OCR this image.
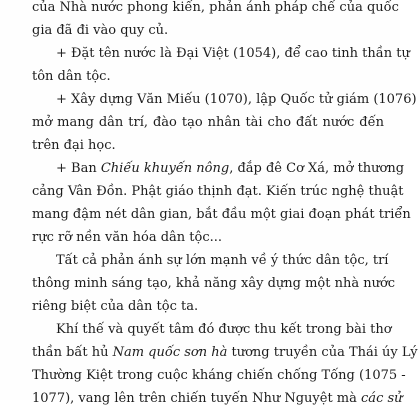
của Nhà nước phong kiến, phản ánh pháp chế của quốc
gia đã đi vào quy củ.
+ Đặt tên nước là Đại Việt (1054), để cao tinh thần tự
tôn dân tộc.
+ Xây dựng Văn Miếu (1070), lập Quốc tử giám (1076)
mở mang dân trí, đào tạo nhân tài cho đất nước đến
trên đại học.
+ Ban Chiếu khuyến nông, đắp đê Cơ Xá, mở thương
cảng Vân Đồn. Phật giáo thịnh đạt. Kiến trúc nghệ thuật
mang đậm nét dân gian, bắt đầu một giai đoạn phát triển
rực rỡ nền văn hóa dân tộc...
Tất cả phản ánh sự lớn mạnh về ý thức dân tộc, trí
thông minh sáng tạo, khả năng xây dựng một nhà nước
riêng biệt của dân tộc ta.
Khí thế và quyết tâm đó được thu kết trong bài thơ
thần bất hủ Nam quốc sơn hà tương truyền của Thái úy Lý
Thường Kiệt trong cuộc kháng chiến chống Tống (1075 -
1077), vang lên trên chiến tuyến Như Nguyệt mà các sử
